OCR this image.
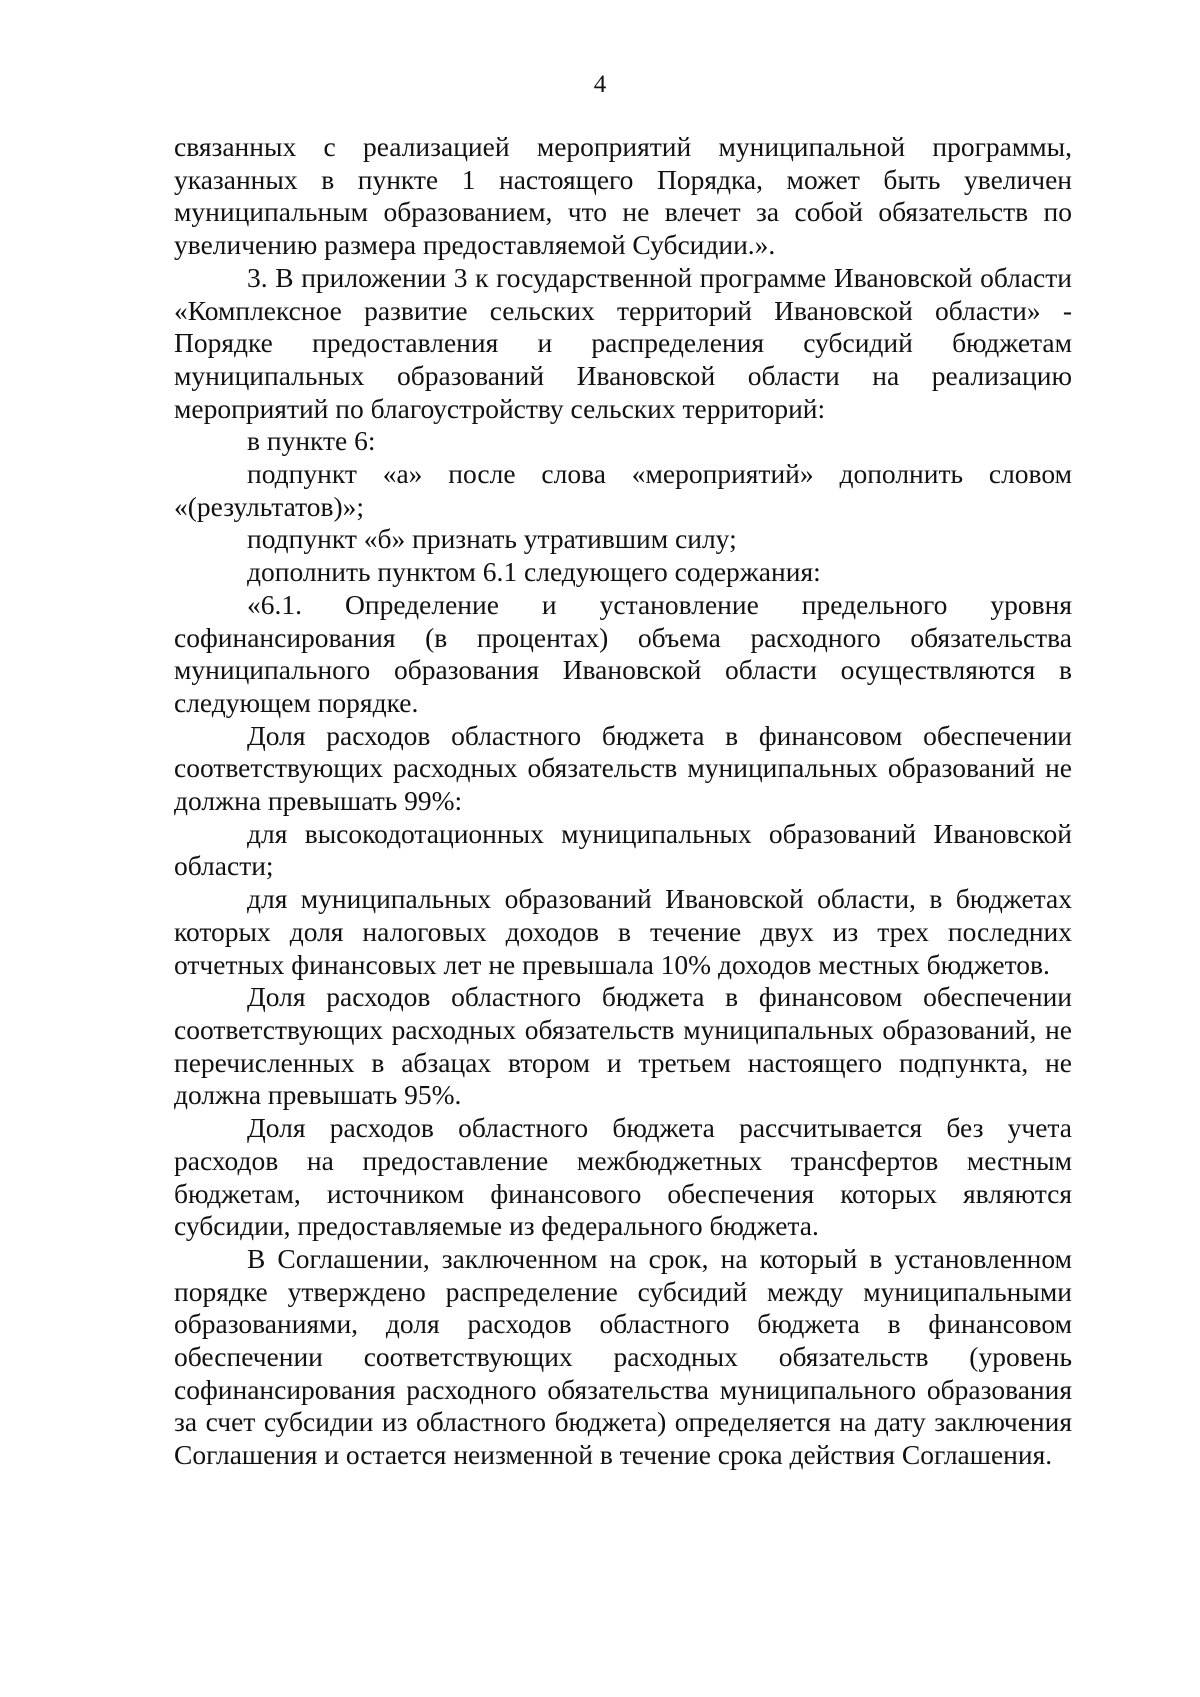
4

связанных с реализацией мероприятий муниципальной программы, указанных в пункте 1 настоящего Порядка, может быть увеличен муниципальным образованием, что не влечет за собой обязательств по увеличению размера предоставляемой Субсидии.».

3. В приложении 3 к государственной программе Ивановской области «Комплексное развитие сельских территорий Ивановской области» - Порядке предоставления и распределения субсидий бюджетам муниципальных образований Ивановской области на реализацию мероприятий по благоустройству сельских территорий:

в пункте 6:

подпункт «а» после слова «мероприятий» дополнить словом «(результатов)»;

подпункт «б» признать утратившим силу;

дополнить пунктом 6.1 следующего содержания:

«6.1. Определение и установление предельного уровня софинансирования (в процентах) объема расходного обязательства муниципального образования Ивановской области осуществляются в следующем порядке.

Доля расходов областного бюджета в финансовом обеспечении соответствующих расходных обязательств муниципальных образований не должна превышать 99%:

для высокодотационных муниципальных образований Ивановской области;

для муниципальных образований Ивановской области, в бюджетах которых доля налоговых доходов в течение двух из трех последних отчетных финансовых лет не превышала 10% доходов местных бюджетов.

Доля расходов областного бюджета в финансовом обеспечении соответствующих расходных обязательств муниципальных образований, не перечисленных в абзацах втором и третьем настоящего подпункта, не должна превышать 95%.

Доля расходов областного бюджета рассчитывается без учета расходов на предоставление межбюджетных трансфертов местным бюджетам, источником финансового обеспечения которых являются субсидии, предоставляемые из федерального бюджета.

В Соглашении, заключенном на срок, на который в установленном порядке утверждено распределение субсидий между муниципальными образованиями, доля расходов областного бюджета в финансовом обеспечении соответствующих расходных обязательств (уровень софинансирования расходного обязательства муниципального образования за счет субсидии из областного бюджета) определяется на дату заключения Соглашения и остается неизменной в течение срока действия Соглашения.
